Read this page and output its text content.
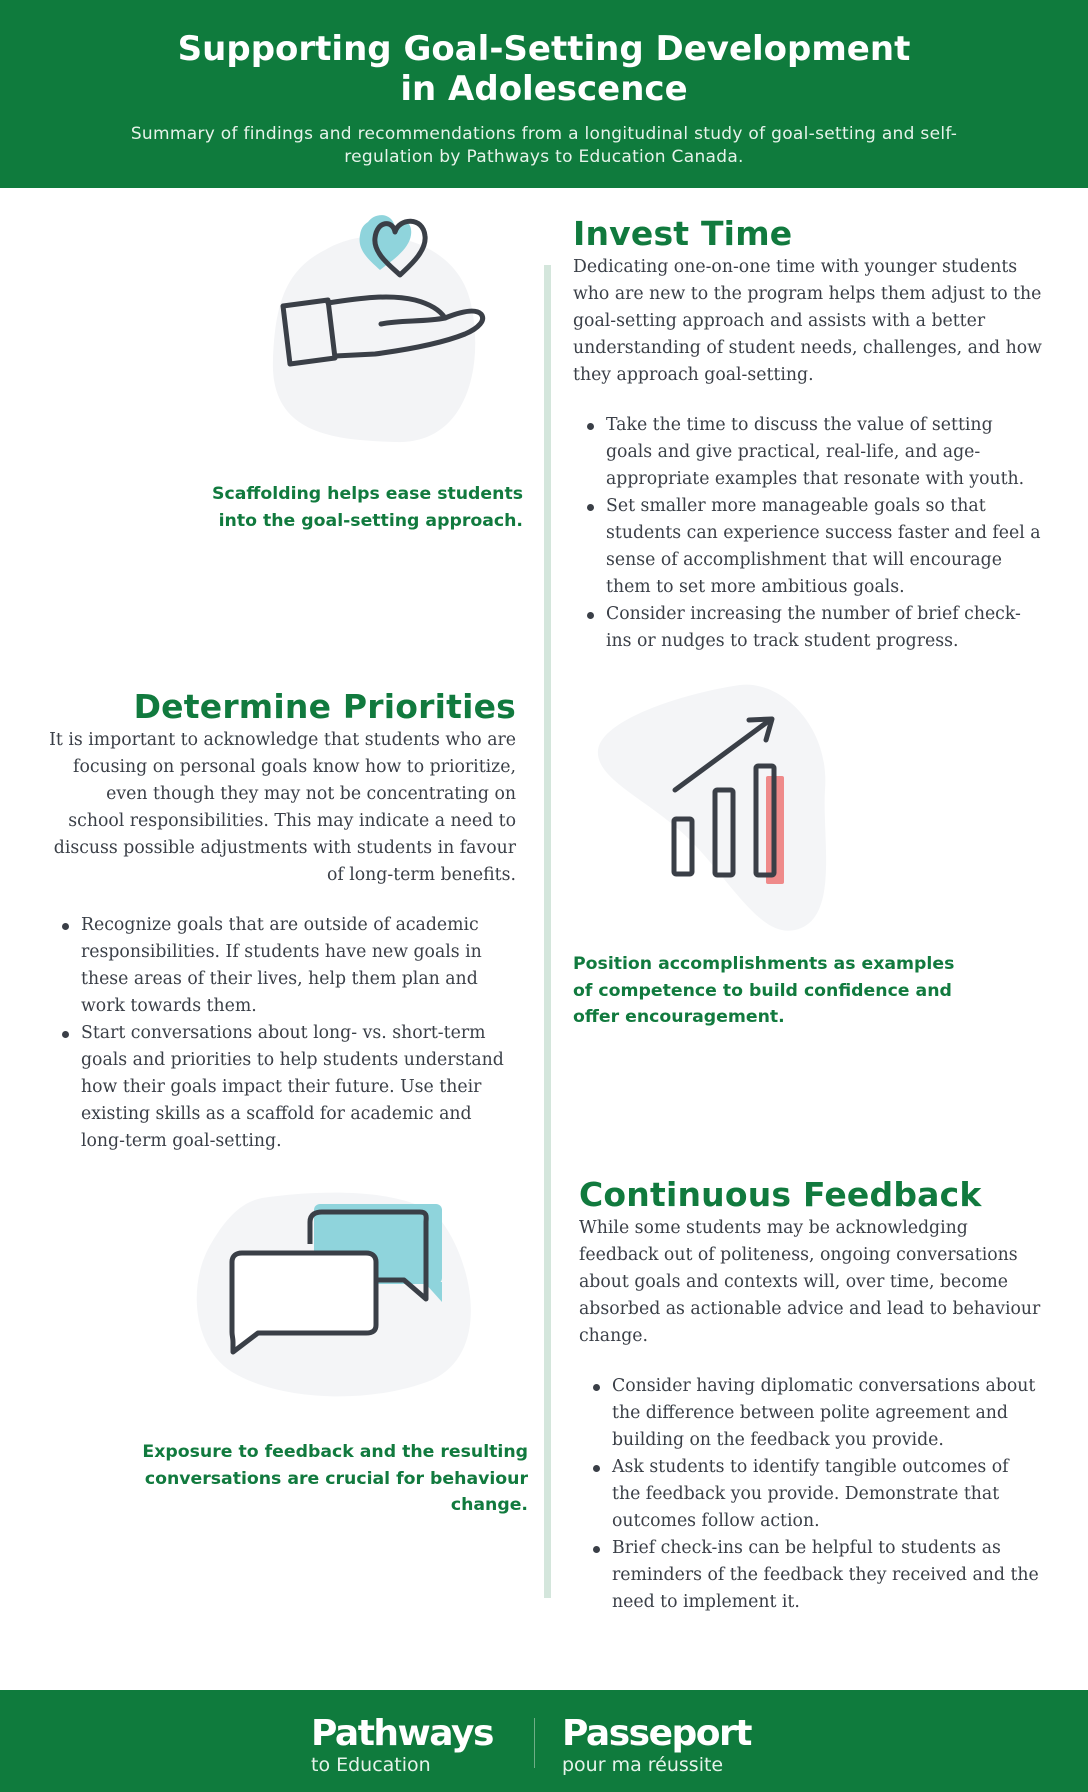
Supporting Goal-Setting Development in Adolescence

Summary of findings and recommendations from a longitudinal study of goal-setting and self-regulation by Pathways to Education Canada.

Scaffolding helps ease students into the goal-setting approach.
Invest Time

Dedicating one-on-one time with younger students who are new to the program helps them adjust to the goal-setting approach and assists with a better understanding of student needs, challenges, and how they approach goal-setting.

Take the time to discuss the value of setting goals and give practical, real-life, and age-appropriate examples that resonate with youth.
Set smaller more manageable goals so that students can experience success faster and feel a sense of accomplishment that will encourage them to set more ambitious goals.
Consider increasing the number of brief check-ins or nudges to track student progress.
Determine Priorities

It is important to acknowledge that students who are focusing on personal goals know how to prioritize, even though they may not be concentrating on school responsibilities. This may indicate a need to discuss possible adjustments with students in favour of long-term benefits.

Recognize goals that are outside of academic responsibilities. If students have new goals in these areas of their lives, help them plan and work towards them.
Start conversations about long- vs. short-term goals and priorities to help students understand how their goals impact their future. Use their existing skills as a scaffold for academic and long-term goal-setting.
Position accomplishments as examples of competence to build confidence and offer encouragement.
Exposure to feedback and the resulting conversations are crucial for behaviour change.
Continuous Feedback

While some students may be acknowledging feedback out of politeness, ongoing conversations about goals and contexts will, over time, become absorbed as actionable advice and lead to behaviour change.

Consider having diplomatic conversations about the difference between polite agreement and building on the feedback you provide.
Ask students to identify tangible outcomes of the feedback you provide. Demonstrate that outcomes follow action.
Brief check-ins can be helpful to students as reminders of the feedback they received and the need to implement it.
Pathways
to Education
Passeport
pour ma réussite
